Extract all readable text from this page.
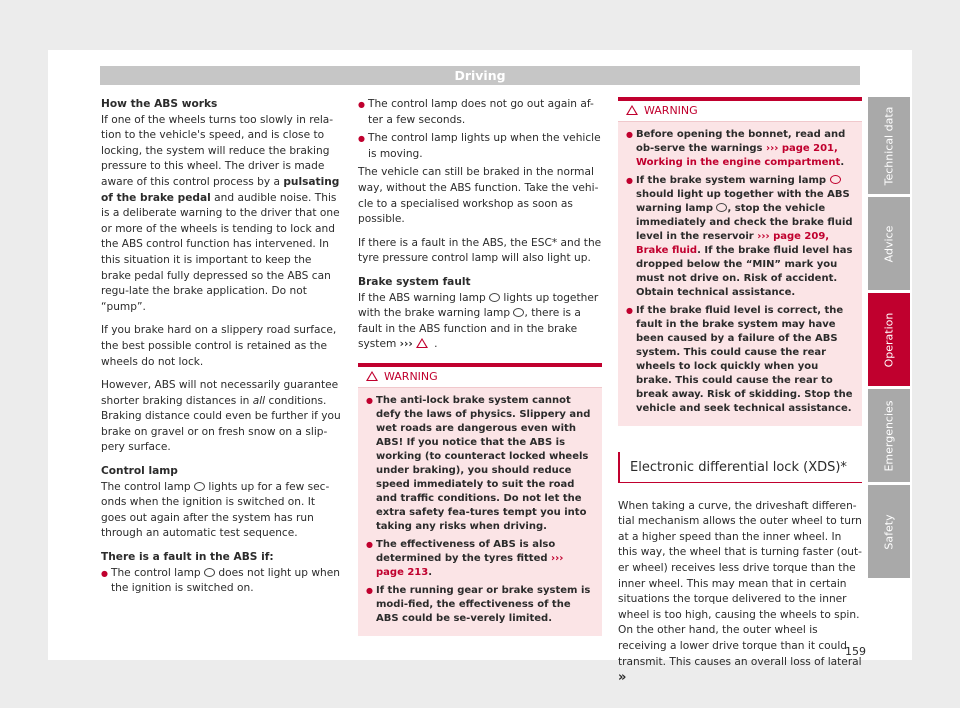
Driving

How the ABS works

If one of the wheels turns too slowly in rela-tion to the vehicle's speed, and is close to locking, the system will reduce the braking pressure to this wheel. The driver is made aware of this control process by a pulsating of the brake pedal and audible noise. This is a deliberate warning to the driver that one or more of the wheels is tending to lock and the ABS control function has intervened. In this situation it is important to keep the brake pedal fully depressed so the ABS can regu-late the brake application. Do not “pump”.

If you brake hard on a slippery road surface, the best possible control is retained as the wheels do not lock.

However, ABS will not necessarily guarantee shorter braking distances in all conditions. Braking distance could even be further if you brake on gravel or on fresh snow on a slip-pery surface.

Control lamp

The control lamp  lights up for a few sec-onds when the ignition is switched on. It goes out again after the system has run through an automatic test sequence.

There is a fault in the ABS if:

● The control lamp  does not light up when the ignition is switched on.

● The control lamp does not go out again af-ter a few seconds.

● The control lamp lights up when the vehicle is moving.

The vehicle can still be braked in the normal way, without the ABS function. Take the vehi-cle to a specialised workshop as soon as possible.

If there is a fault in the ABS, the ESC* and the tyre pressure control lamp will also light up.

Brake system fault

If the ABS warning lamp  lights up together with the brake warning lamp , there is a fault in the ABS function and in the brake system ››› .

WARNING

● The anti-lock brake system cannot defy the laws of physics. Slippery and wet roads are dangerous even with ABS! If you notice that the ABS is working (to counteract locked wheels under braking), you should reduce speed immediately to suit the road and traffic conditions. Do not let the extra safety fea-tures tempt you into taking any risks when driving.

● The effectiveness of ABS is also determined by the tyres fitted ››› page 213.

● If the running gear or brake system is modi-fied, the effectiveness of the ABS could be se-verely limited.

WARNING

● Before opening the bonnet, read and ob-serve the warnings ››› page 201, Working in the engine compartment.

● If the brake system warning lamp  should light up together with the ABS warning lamp , stop the vehicle immediately and check the brake fluid level in the reservoir ››› page 209, Brake fluid. If the brake fluid level has dropped below the “MIN” mark you must not drive on. Risk of accident. Obtain technical assistance.

● If the brake fluid level is correct, the fault in the brake system may have been caused by a failure of the ABS system. This could cause the rear wheels to lock quickly when you brake. This could cause the rear to break away. Risk of skidding. Stop the vehicle and seek technical assistance.

Electronic differential lock (XDS)*

When taking a curve, the driveshaft differen-tial mechanism allows the outer wheel to turn at a higher speed than the inner wheel. In this way, the wheel that is turning faster (out-er wheel) receives less drive torque than the inner wheel. This may mean that in certain situations the torque delivered to the inner wheel is too high, causing the wheels to spin. On the other hand, the outer wheel is receiving a lower drive torque than it could transmit. This causes an overall loss of lateral »

Technical data
Advice
Operation
Emergencies
Safety
159
